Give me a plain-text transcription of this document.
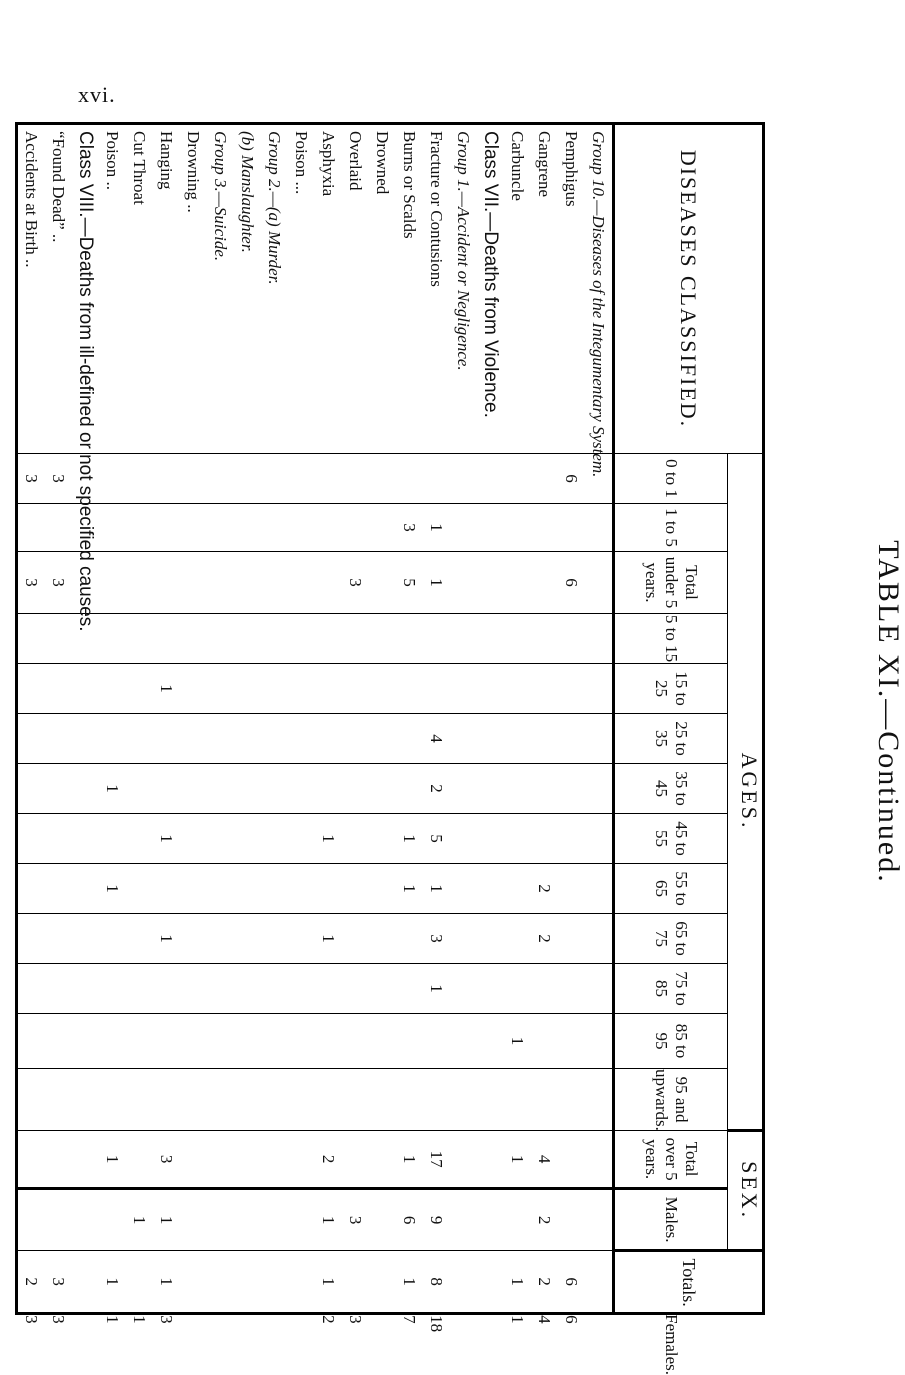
xvi.
TABLE XI.—Continued.
DISEASES CLASSIFIED.	AGES.													SEX.		Totals.	
	0 to 1	1 to 5	Total under 5 years.	5 to 15	15 to 25	25 to 35	35 to 45	45 to 55	55 to 65	65 to 75	75 to 85	85 to 95	95 and upwards.	Total over 5 years.	Males.		Females.
Group 10.—Diseases of the Integumentary System.																	
Pemphigus	6		6													6	6
Gangrene									2	2				4	2	2	4
Carbuncle												1		1		1	1
Class VII.—Deaths from Violence.																	
Group 1.—Accident or Negligence.																	
Fracture or Contusions		1	1			4	2	5	1	3	1			17	9	8	18
Burns or Scalds		3	5					1	1					1	6	1	7
Drowned																	
Overlaid			3												3		3
Asphyxia								1		1				2	1	1	2
Poison ...																	
Group 2.—(a) Murder.																	
(b) Manslaughter.																	
Group 3.—Suicide.																	
Drowning ..																	
Hanging					1			1		1				3	1	1	3
Cut Throat															1		1
Poison ..							1		1					1		1	1
Class VIII.—Deaths from ill-defined or not specified causes.																	
“Found Dead” ..	3		3													3	3
Accidents at Birth ..	3		3													2	3
